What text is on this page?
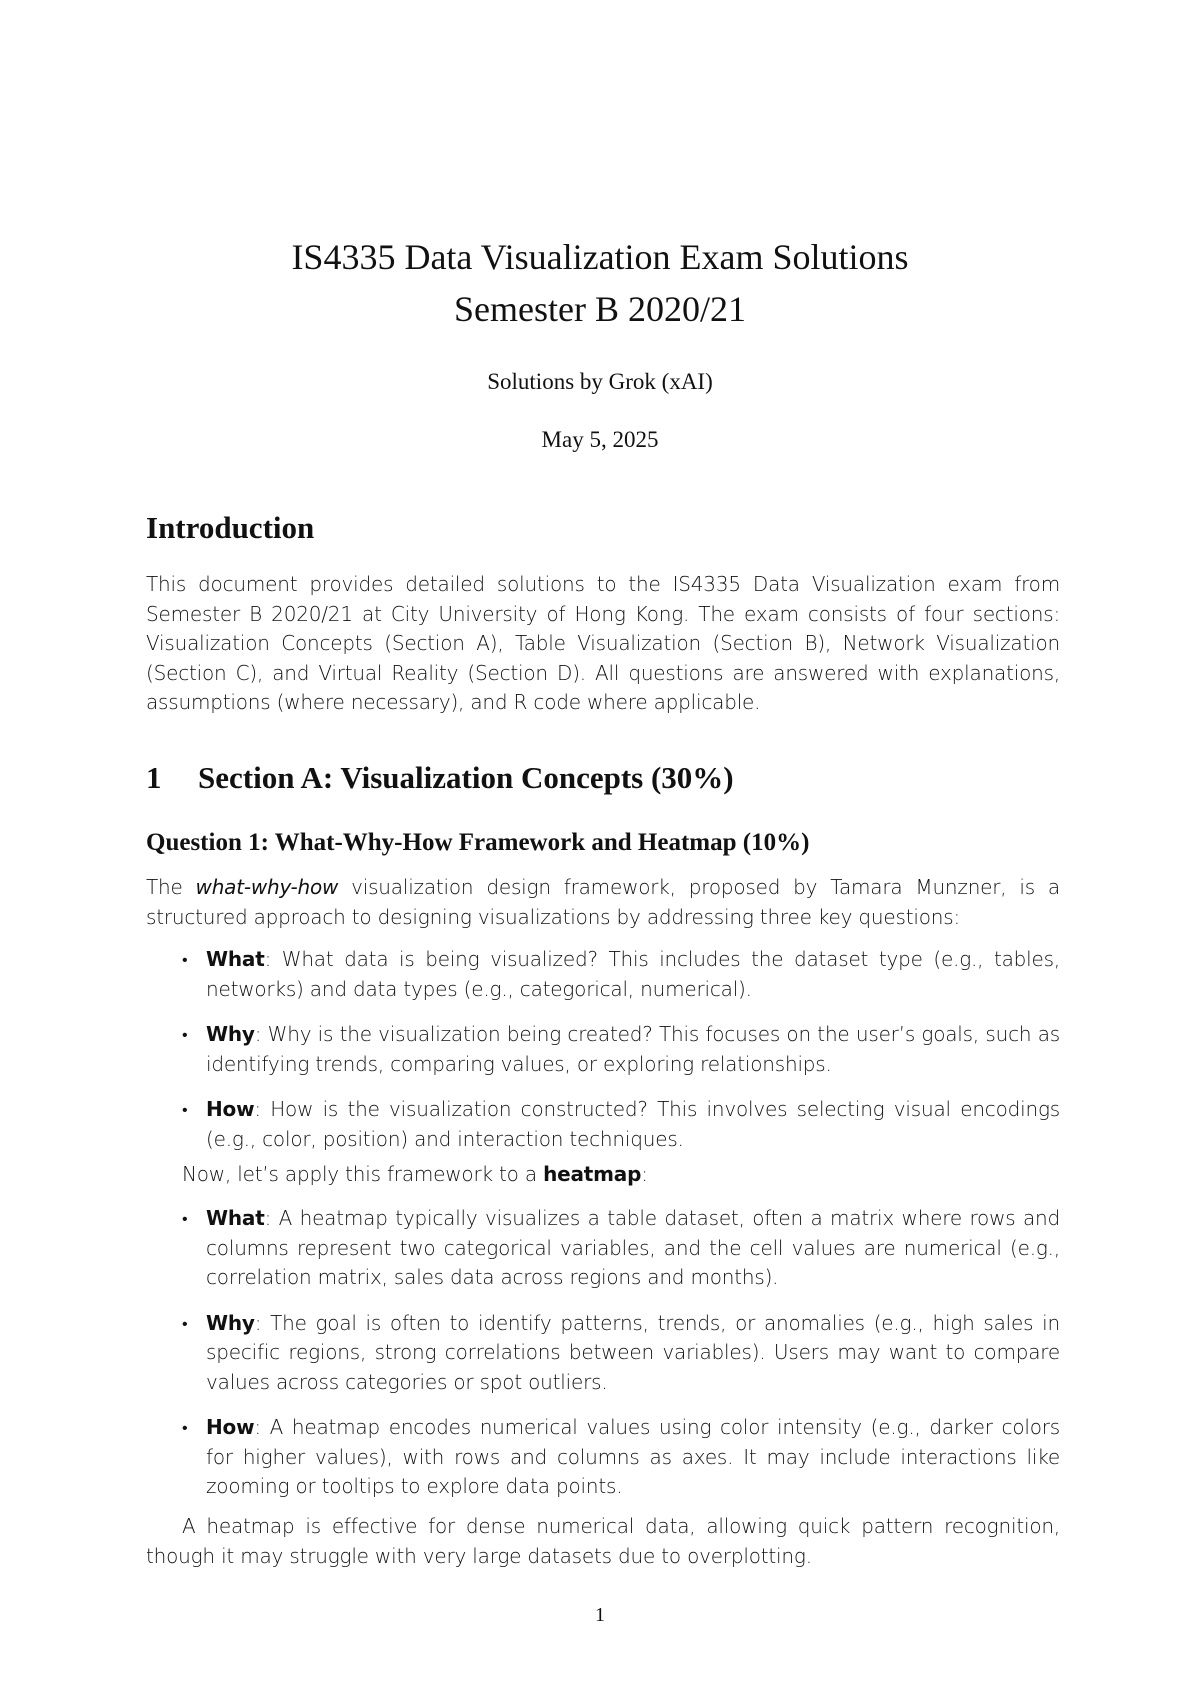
IS4335 Data Visualization Exam Solutions
Semester B 2020/21
Solutions by Grok (xAI)
May 5, 2025
Introduction
This document provides detailed solutions to the IS4335 Data Visualization exam from Semester B 2020/21 at City University of Hong Kong. The exam consists of four sections: Visualization Concepts (Section A), Table Visualization (Section B), Network Visualization (Section C), and Virtual Reality (Section D). All questions are answered with explanations, assumptions (where necessary), and R code where applicable.
1 Section A: Visualization Concepts (30%)
Question 1: What-Why-How Framework and Heatmap (10%)
The what-why-how visualization design framework, proposed by Tamara Munzner, is a structured approach to designing visualizations by addressing three key questions:
• What: What data is being visualized? This includes the dataset type (e.g., tables, networks) and data types (e.g., categorical, numerical).
• Why: Why is the visualization being created? This focuses on the user’s goals, such as identifying trends, comparing values, or exploring relationships.
• How: How is the visualization constructed? This involves selecting visual encodings (e.g., color, position) and interaction techniques.
Now, let’s apply this framework to a heatmap:
• What: A heatmap typically visualizes a table dataset, often a matrix where rows and columns represent two categorical variables, and the cell values are numerical (e.g., correlation matrix, sales data across regions and months).
• Why: The goal is often to identify patterns, trends, or anomalies (e.g., high sales in specific regions, strong correlations between variables). Users may want to compare values across categories or spot outliers.
• How: A heatmap encodes numerical values using color intensity (e.g., darker colors for higher values), with rows and columns as axes. It may include interactions like zooming or tooltips to explore data points.
A heatmap is effective for dense numerical data, allowing quick pattern recognition, though it may struggle with very large datasets due to overplotting.
1
